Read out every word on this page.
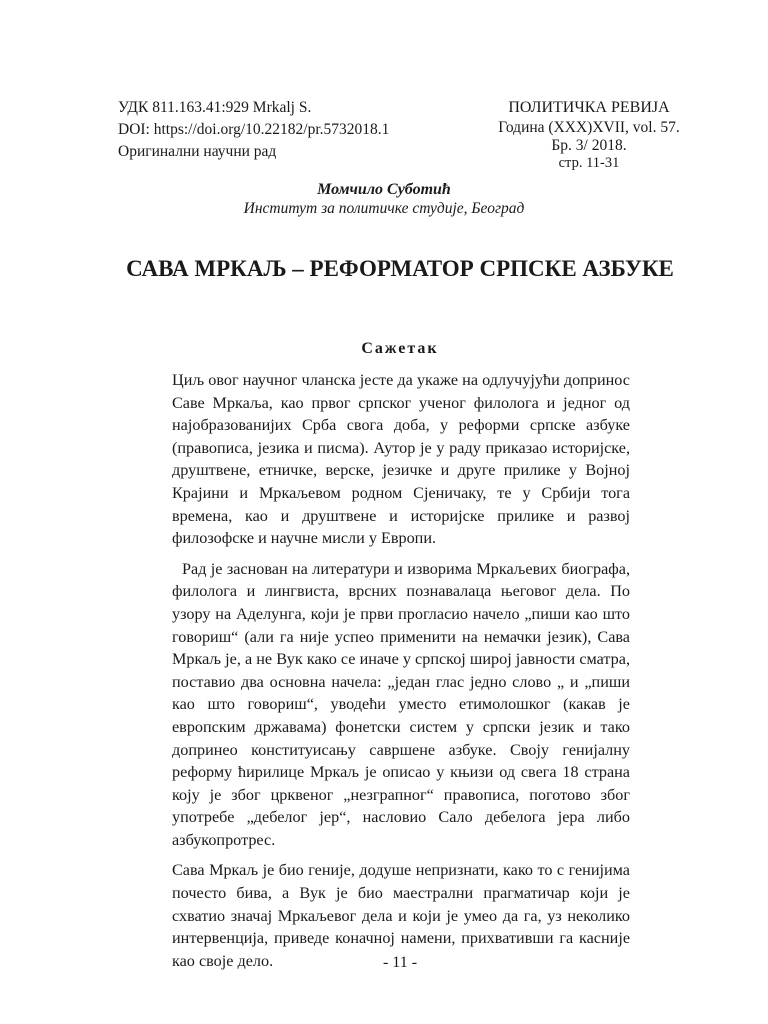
УДК 811.163.41:929 Mrkalj S.
DOI: https://doi.org/10.22182/pr.5732018.1
Оригинални научни рад
ПОЛИТИЧКА РЕВИЈА
Година (XXX)XVII, vol. 57.
Бр. 3/ 2018.
стр. 11-31
Момчило Суботић
Институт за политичке студије, Београд
САВА МРКАЉ – РЕФОРМАТОР СРПСКЕ АЗБУКЕ
Сажетак

Циљ овог научног чланска јесте да укаже на одлучујући допринос Саве Мркаља, као првог српског ученог филолога и једног од најобразованијих Срба свога доба, у реформи српске азбуке (правописа, језика и писма). Аутор је у раду приказао историјске, друштвене, етничке, верске, језичке и друге прилике у Војној Крајини и Мркаљевом родном Сјеничаку, те у Србији тога времена, као и друштвене и историјске прилике и развој филозофске и научне мисли у Европи.

Рад је заснован на литератури и изворима Мркаљевих биографа, филолога и лингвиста, врсних познавалаца његовог дела. По узору на Аделунга, који је први прогласио начело „пиши као што говориш“ (али га није успео применити на немачки језик), Сава Мркаљ је, а не Вук како се иначе у српској широј јавности сматра, поставио два основна начела: „један глас једно слово „ и „пиши као што говориш“, уводећи уместо етимолошког (какав је европским државама) фонетски систем у српски језик и тако допринео конституисању савршене азбуке. Своју генијалну реформу ћирилице Мркаљ је описао у књизи од свега 18 страна коју је због црквеног „незграпног“ правописа, поготово због употребе „дебелог јер“, насловио Сало дебелога јера либо азбукопротрес.

Сава Мркаљ је био геније, додуше непризнати, како то с генијима почесто бива, а Вук је био маестрални прагматичар који је схватио значај Мркаљевог дела и који је умео да га, уз неколико интервенција, приведе коначној намени, прихвативши га касније као своје дело.	- 11 -
